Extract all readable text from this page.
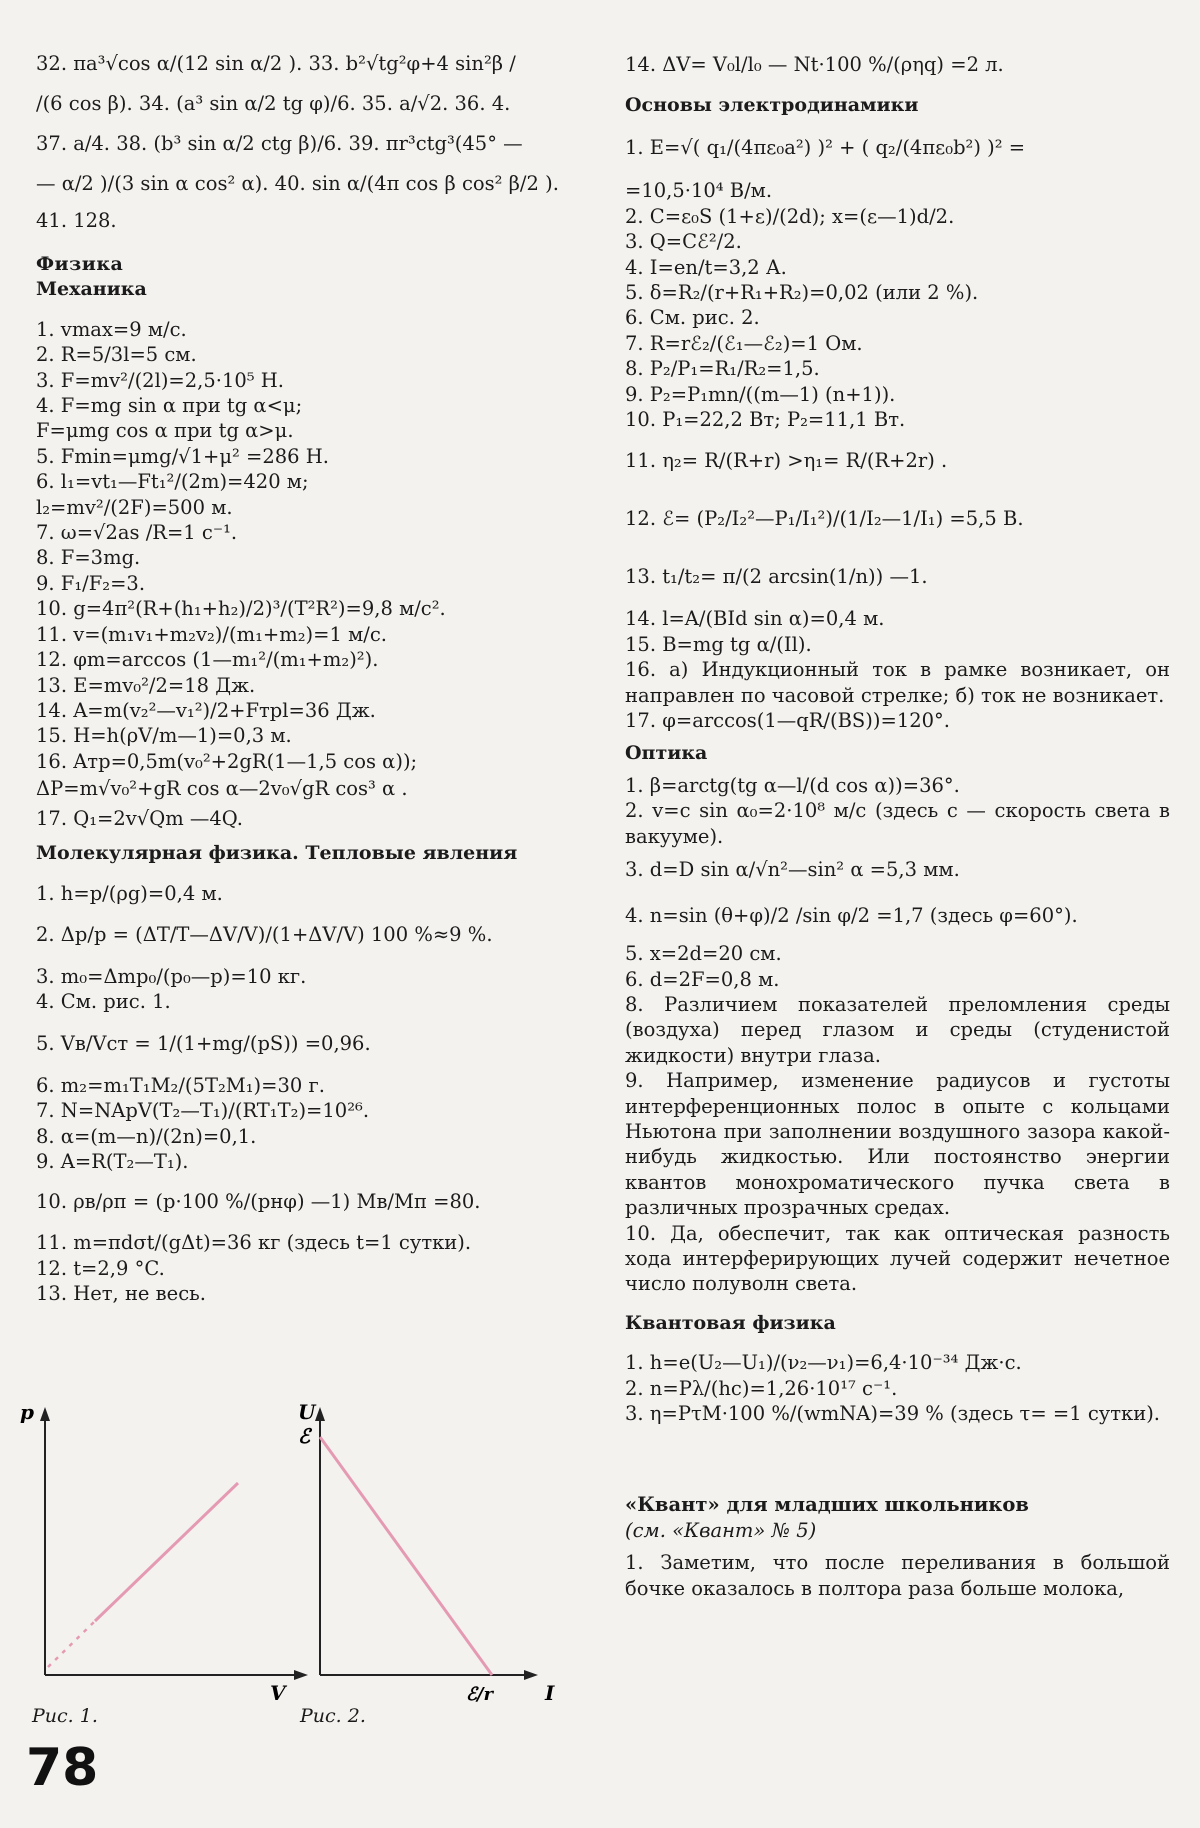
32. πa³√cos α/(12 sin α/2 ). 33. b²√tg²φ+4 sin²β /
/(6 cos β). 34. (a³ sin α/2 tg φ)/6. 35. a/√2. 36. 4.
37. a/4. 38. (b³ sin α/2 ctg β)/6. 39. πr³ctg³(45° —
— α/2 )/(3 sin α cos² α). 40. sin α/(4π cos β cos² β/2 ).
41. 128.
Физика
Механика
1. vmax=9 м/с.
2. R=5/3l=5 см.
3. F=mv²/(2l)=2,5·10⁵ Н.
4. F=mg sin α при tg α<μ;
F=μmg cos α при tg α>μ.
5. Fmin=μmg/√1+μ² =286 Н.
6. l₁=vt₁—Ft₁²/(2m)=420 м;
l₂=mv²/(2F)=500 м.
7. ω=√2as /R=1 с⁻¹.
8. F=3mg.
9. F₁/F₂=3.
10. g=4π²(R+(h₁+h₂)/2)³/(T²R²)=9,8 м/с².
11. v=(m₁v₁+m₂v₂)/(m₁+m₂)=1 м/с.
12. φm=arccos (1—m₁²/(m₁+m₂)²).
13. E=mv₀²/2=18 Дж.
14. A=m(v₂²—v₁²)/2+Fтрl=36 Дж.
15. H=h(ρV/m—1)=0,3 м.
16. Aтр=0,5m(v₀²+2gR(1—1,5 cos α));
ΔP=m√v₀²+gR cos α—2v₀√gR cos³ α .
17. Q₁=2v√Qm —4Q.
Молекулярная физика. Тепловые явления
1. h=p/(ρg)=0,4 м.
2. Δp/p = (ΔT/T—ΔV/V)/(1+ΔV/V) 100 %≈9 %.
3. m₀=Δmp₀/(p₀—p)=10 кг.
4. См. рис. 1.
5. Vв/Vст = 1/(1+mg/(pS)) =0,96.
6. m₂=m₁T₁M₂/(5T₂M₁)=30 г.
7. N=NApV(T₂—T₁)/(RT₁T₂)=10²⁶.
8. α=(m—n)/(2n)=0,1.
9. A=R(T₂—T₁).
10. ρв/ρп = (p·100 %/(pнφ) —1) Mв/Mп =80.
11. m=πdσt/(gΔt)=36 кг (здесь t=1 сутки).
12. t=2,9 °C.
13. Нет, не весь.
p
V
U
ℰ
ℰ/r	I
Рис. 1.	Рис. 2.
78
14. ΔV= V₀l/l₀ — Nt·100 %/(ρηq) =2 л.
Основы электродинамики
1. E=√( q₁/(4πε₀a²) )² + ( q₂/(4πε₀b²) )² =
=10,5·10⁴ В/м.
2. C=ε₀S (1+ε)/(2d); x=(ε—1)d/2.
3. Q=Cℰ²/2.
4. I=en/t=3,2 А.
5. δ=R₂/(r+R₁+R₂)=0,02 (или 2 %).
6. См. рис. 2.
7. R=rℰ₂/(ℰ₁—ℰ₂)=1 Ом.
8. P₂/P₁=R₁/R₂=1,5.
9. P₂=P₁mn/((m—1) (n+1)).
10. P₁=22,2 Вт; P₂=11,1 Вт.
11. η₂= R/(R+r) >η₁= R/(R+2r) .
12. ℰ= (P₂/I₂²—P₁/I₁²)/(1/I₂—1/I₁) =5,5 В.
13. t₁/t₂= π/(2 arcsin(1/n)) —1.
14. l=A/(BId sin α)=0,4 м.
15. B=mg tg α/(Il).
16. а) Индукционный ток в рамке возникает, он направлен по часовой стрелке; б) ток не возникает.
17. φ=arccos(1—qR/(BS))=120°.
Оптика
1. β=arctg(tg α—l/(d cos α))=36°.
2. v=c sin α₀=2·10⁸ м/с (здесь c — скорость света в вакууме).
3. d=D sin α/√n²—sin² α =5,3 мм.
4. n=sin (θ+φ)/2 /sin φ/2 =1,7 (здесь φ=60°).
5. x=2d=20 см.
6. d=2F=0,8 м.
8. Различием показателей преломления среды (воздуха) перед глазом и среды (студенистой жидкости) внутри глаза.
9. Например, изменение радиусов и густоты интерференционных полос в опыте с кольцами Ньютона при заполнении воздушного зазора какой-нибудь жидкостью. Или постоянство энергии квантов монохроматического пучка света в различных прозрачных средах.
10. Да, обеспечит, так как оптическая разность хода интерферирующих лучей содержит нечетное число полуволн света.
Квантовая физика
1. h=e(U₂—U₁)/(ν₂—ν₁)=6,4·10⁻³⁴ Дж·с.
2. n=Pλ/(hc)=1,26·10¹⁷ с⁻¹.
3. η=PτM·100 %/(wmNA)=39 % (здесь τ= =1 сутки).
«Квант» для младших школьников
(см. «Квант» № 5)
1. Заметим, что после переливания в большой бочке оказалось в полтора раза больше молока,
